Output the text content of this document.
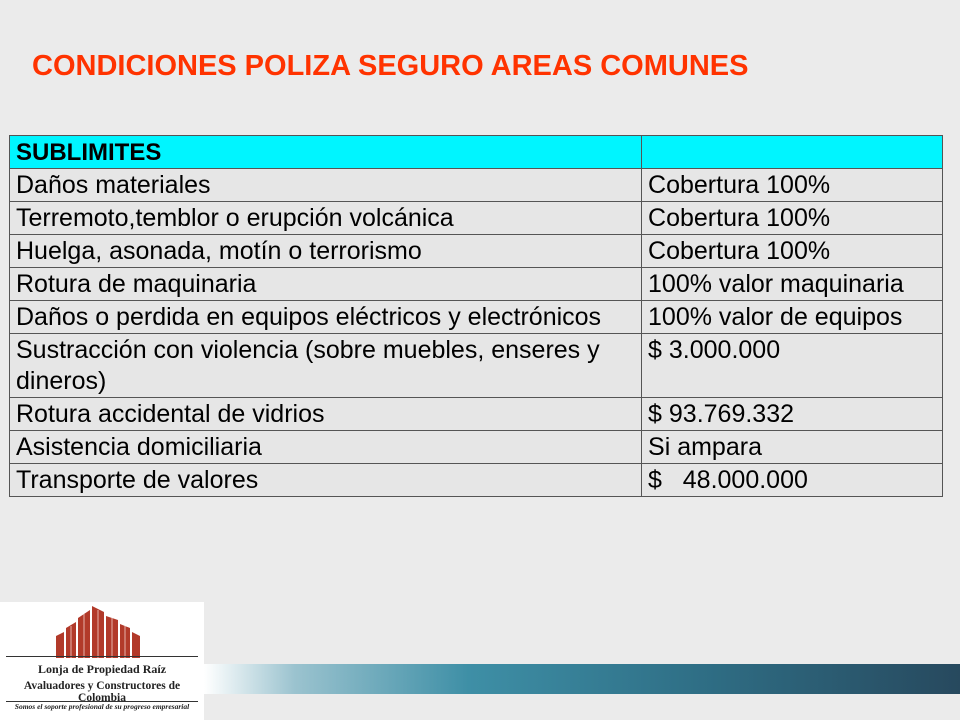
CONDICIONES POLIZA SEGURO AREAS COMUNES
SUBLIMITES	
Daños materiales	Cobertura 100%
Terremoto,temblor o erupción volcánica	Cobertura 100%
Huelga, asonada, motín o terrorismo	Cobertura 100%
Rotura de maquinaria	100% valor maquinaria
Daños o perdida en equipos eléctricos y electrónicos	100% valor de equipos
Sustracción con violencia (sobre muebles, enseres y dineros)	$ 3.000.000
Rotura accidental de vidrios	$ 93.769.332
Asistencia domiciliaria	Si ampara
Transporte de valores	$   48.000.000
Lonja de Propiedad Raíz
Avaluadores y Constructores de Colombia
Somos el soporte profesional de su progreso empresarial
